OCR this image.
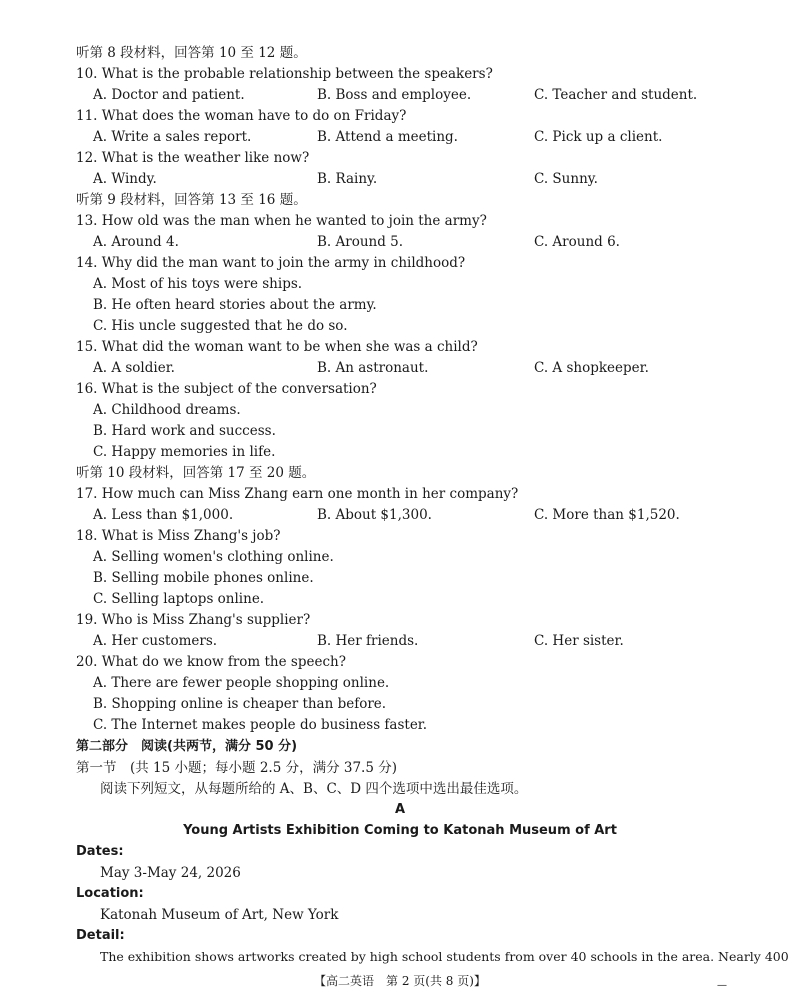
听第 8 段材料，回答第 10 至 12 题。
10. What is the probable relationship between the speakers?
A. Doctor and patient.	B. Boss and employee.	C. Teacher and student.
11. What does the woman have to do on Friday?
A. Write a sales report.	B. Attend a meeting.	C. Pick up a client.
12. What is the weather like now?
A. Windy.	B. Rainy.	C. Sunny.
听第 9 段材料，回答第 13 至 16 题。
13. How old was the man when he wanted to join the army?
A. Around 4.	B. Around 5.	C. Around 6.
14. Why did the man want to join the army in childhood?
A. Most of his toys were ships.
B. He often heard stories about the army.
C. His uncle suggested that he do so.
15. What did the woman want to be when she was a child?
A. A soldier.	B. An astronaut.	C. A shopkeeper.
16. What is the subject of the conversation?
A. Childhood dreams.
B. Hard work and success.
C. Happy memories in life.
听第 10 段材料，回答第 17 至 20 题。
17. How much can Miss Zhang earn one month in her company?
A. Less than $1,000.	B. About $1,300.	C. More than $1,520.
18. What is Miss Zhang's job?
A. Selling women's clothing online.
B. Selling mobile phones online.
C. Selling laptops online.
19. Who is Miss Zhang's supplier?
A. Her customers.	B. Her friends.	C. Her sister.
20. What do we know from the speech?
A. There are fewer people shopping online.
B. Shopping online is cheaper than before.
C. The Internet makes people do business faster.
第二部分　阅读(共两节，满分 50 分)
第一节　(共 15 小题；每小题 2.5 分，满分 37.5 分)
阅读下列短文，从每题所给的 A、B、C、D 四个选项中选出最佳选项。
A
Young Artists Exhibition Coming to Katonah Museum of Art
Dates:
May 3-May 24, 2026
Location:
Katonah Museum of Art, New York
Detail:
The exhibition shows artworks created by high school students from over 40 schools in the area. Nearly 400
【高二英语　第 2 页(共 8 页)】	—
